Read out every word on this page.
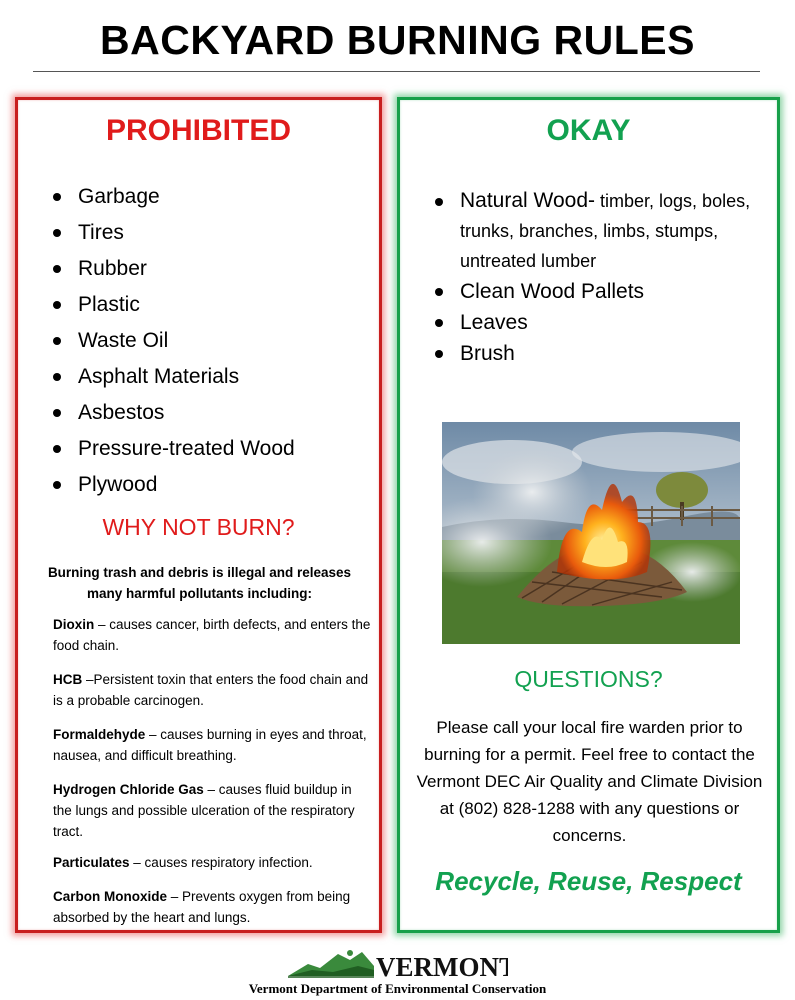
BACKYARD BURNING RULES
PROHIBITED
Garbage
Tires
Rubber
Plastic
Waste Oil
Asphalt Materials
Asbestos
Pressure-treated Wood
Plywood
WHY NOT BURN?
Burning trash and debris is illegal and releases many harmful pollutants including:
Dioxin – causes cancer, birth defects, and enters the food chain.
HCB –Persistent toxin that enters the food chain and is a probable carcinogen.
Formaldehyde – causes burning in eyes and throat, nausea, and difficult breathing.
Hydrogen Chloride Gas – causes fluid buildup in the lungs and possible ulceration of the respiratory tract.
Particulates – causes respiratory infection.
Carbon Monoxide – Prevents oxygen from being absorbed by the heart and lungs.
OKAY
Natural Wood- timber, logs, boles, trunks, branches, limbs, stumps, untreated lumber
Clean Wood Pallets
Leaves
Brush
QUESTIONS?
Please call your local fire warden prior to burning for a permit. Feel free to contact the Vermont DEC Air Quality and Climate Division at (802) 828-1288 with any questions or concerns.
Recycle, Reuse, Respect
VERMONT
Vermont Department of Environmental Conservation
